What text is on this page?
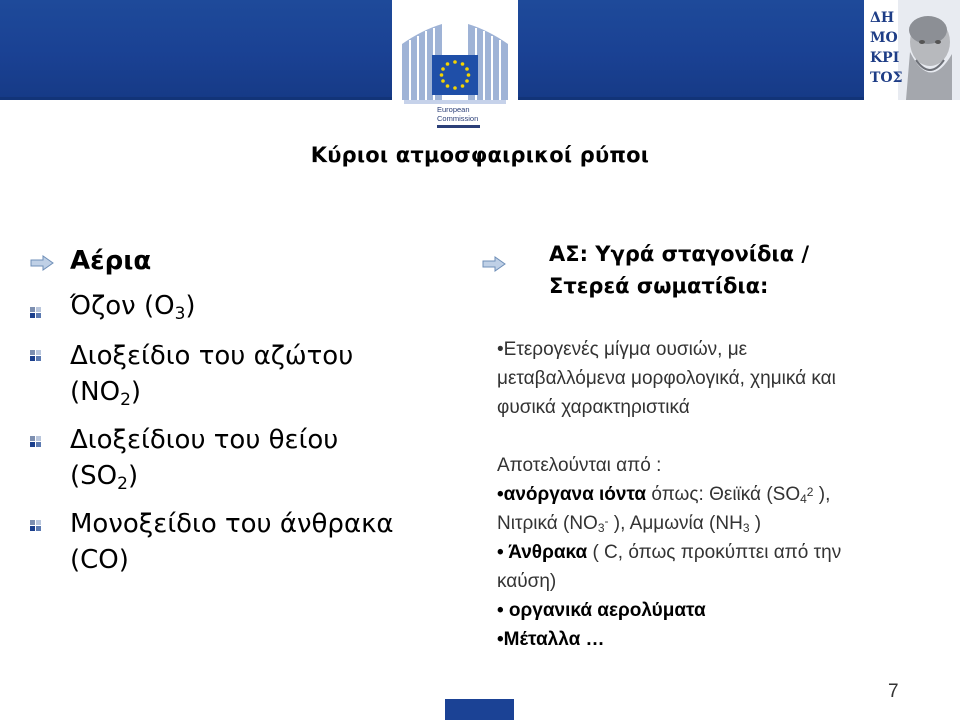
European
Commission
ΔΗ
ΜΟ
ΚΡΙ
ΤΟΣ
Κύριοι ατμοσφαιρικοί ρύποι
Αέρια
Όζον $(O_3)$
Διοξείδιο του αζώτου
$(NO_2)$
Διοξείδιου του θείου
$(SO_2)$
Μονοξείδιο του άνθρακα
(CO)
ΑΣ: Υγρά σταγονίδια /
Στερεά σωματίδια:
•Ετερογενές μίγμα ουσιών, με
μεταβαλλόμενα μορφολογικά, χημικά και
φυσικά χαρακτηριστικά
Αποτελούνται από :
•ανόργανα ιόντα όπως: Θειϊκά ($SO4^2$ ),
Νιτρικά (NO3- ), Αμμωνία (NH3 )
• Άνθρακα ( C, όπως προκύπτει από την
καύση)
• οργανικά αερολύματα
•Μέταλλα …
7
